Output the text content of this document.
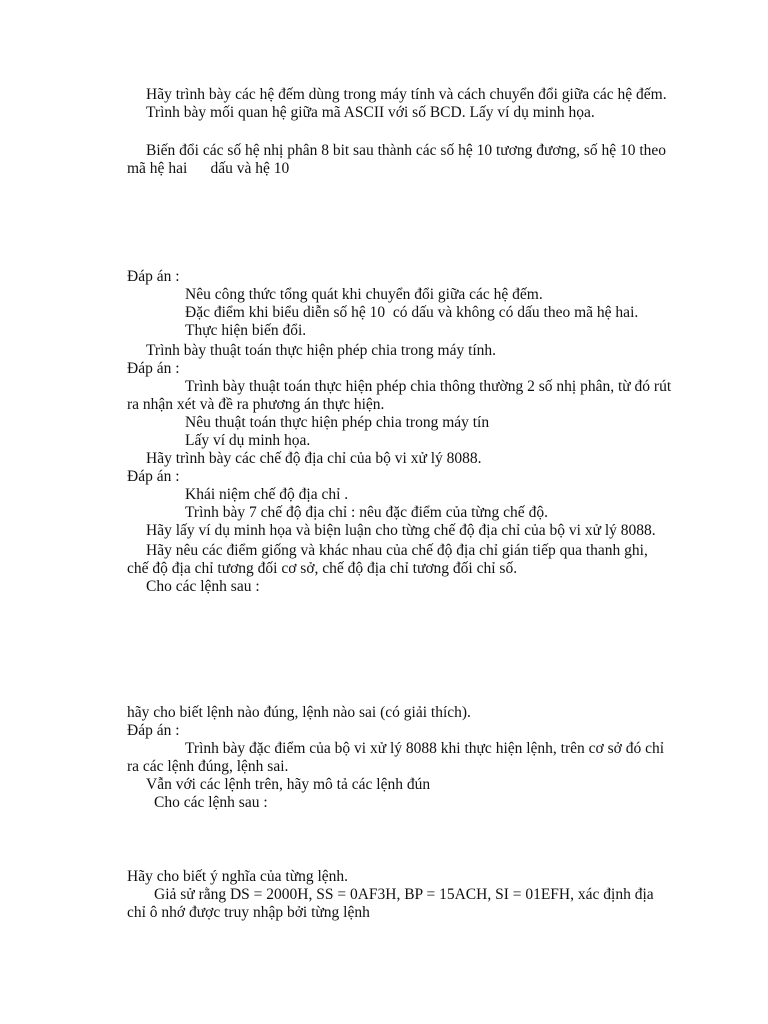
Hãy trình bày các hệ đếm dùng trong máy tính và cách chuyển đổi giữa các hệ đếm.
Trình bày mối quan hệ giữa mã ASCII với số BCD. Lấy ví dụ minh họa.
Biến đổi các số hệ nhị phân 8 bit sau thành các số hệ 10 tương đương, số hệ 10 theo
mã hệ hai      dấu và hệ 10
Đáp án :
Nêu công thức tổng quát khi chuyển đổi giữa các hệ đếm.
Đặc điểm khi biểu diễn số hệ 10  có dấu và không có dấu theo mã hệ hai.
Thực hiện biến đổi.
Trình bày thuật toán thực hiện phép chia trong máy tính.
Đáp án :
Trình bày thuật toán thực hiện phép chia thông thường 2 số nhị phân, từ đó rút
ra nhận xét và đề ra phương án thực hiện.
Nêu thuật toán thực hiện phép chia trong máy tín
Lấy ví dụ minh họa.
Hãy trình bày các chế độ địa chỉ của bộ vi xử lý 8088.
Đáp án :
Khái niệm chế độ địa chỉ .
Trình bày 7 chế độ địa chỉ : nêu đặc điểm của từng chế độ.
Hãy lấy ví dụ minh họa và biện luận cho từng chế độ địa chỉ của bộ vi xử lý 8088.
Hãy nêu các điểm giống và khác nhau của chế độ địa chỉ gián tiếp qua thanh ghi,
chế độ địa chỉ tương đối cơ sở, chế độ địa chỉ tương đối chỉ số.
Cho các lệnh sau :
hãy cho biết lệnh nào đúng, lệnh nào sai (có giải thích).
Đáp án :
Trình bày đặc điểm của bộ vi xử lý 8088 khi thực hiện lệnh, trên cơ sở đó chỉ
ra các lệnh đúng, lệnh sai.
Vẫn với các lệnh trên, hãy mô tả các lệnh đún
Cho các lệnh sau :
Hãy cho biết ý nghĩa của từng lệnh.
Giả sử rằng DS = 2000H, SS = 0AF3H, BP = 15ACH, SI = 01EFH, xác định địa
chỉ ô nhớ được truy nhập bởi từng lệnh
